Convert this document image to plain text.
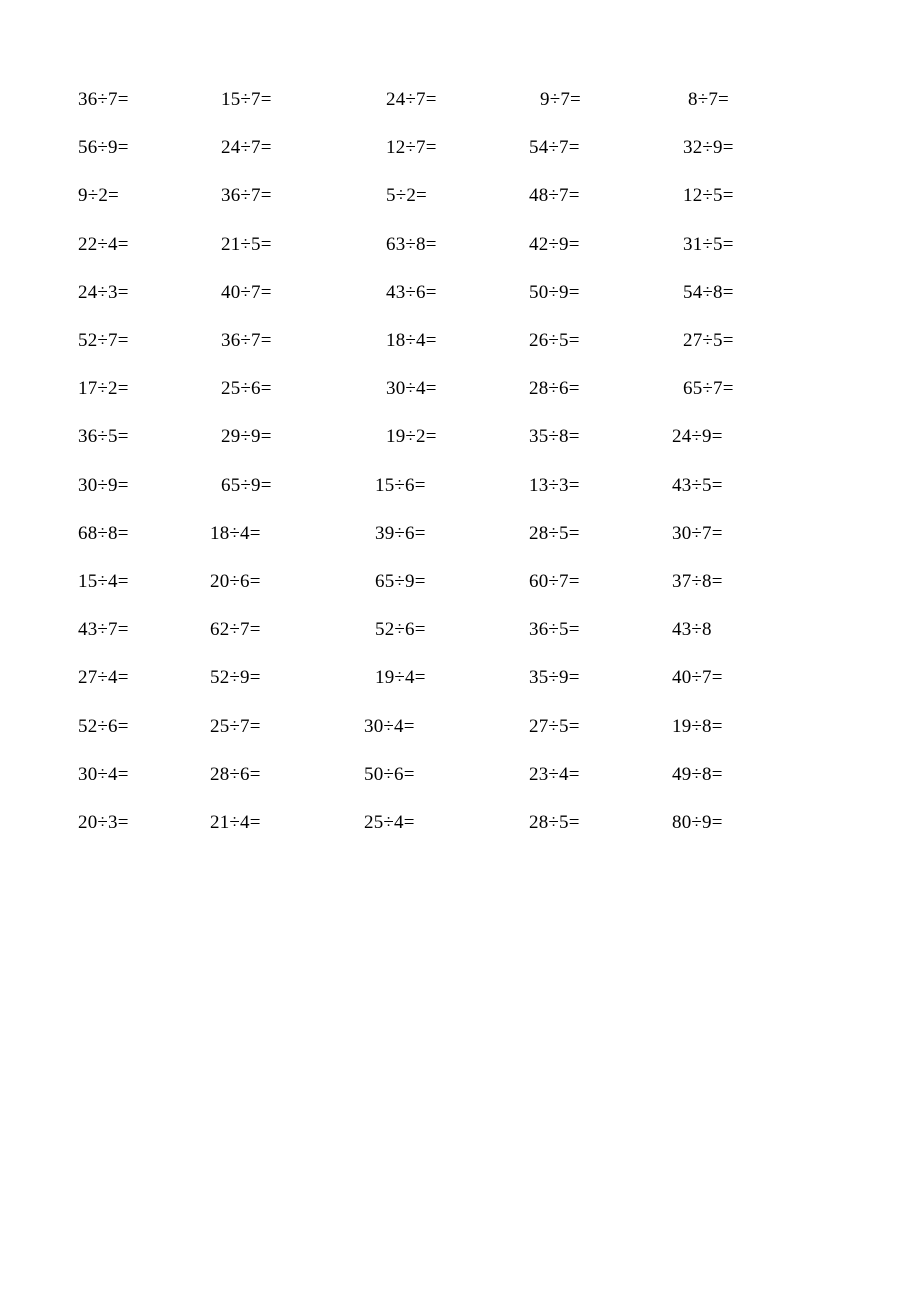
36÷7=	15÷7=	24÷7=	9÷7=	8÷7=
56÷9=	24÷7=	12÷7=	54÷7=	32÷9=
9÷2=	36÷7=	5÷2=	48÷7=	12÷5=
22÷4=	21÷5=	63÷8=	42÷9=	31÷5=
24÷3=	40÷7=	43÷6=	50÷9=	54÷8=
52÷7=	36÷7=	18÷4=	26÷5=	27÷5=
17÷2=	25÷6=	30÷4=	28÷6=	65÷7=
36÷5=	29÷9=	19÷2=	35÷8=	24÷9=
30÷9=	65÷9=	15÷6=	13÷3=	43÷5=
68÷8=	18÷4=	39÷6=	28÷5=	30÷7=
15÷4=	20÷6=	65÷9=	60÷7=	37÷8=
43÷7=	62÷7=	52÷6=	36÷5=	43÷8
27÷4=	52÷9=	19÷4=	35÷9=	40÷7=
52÷6=	25÷7=	30÷4=	27÷5=	19÷8=
30÷4=	28÷6=	50÷6=	23÷4=	49÷8=
20÷3=	21÷4=	25÷4=	28÷5=	80÷9=
